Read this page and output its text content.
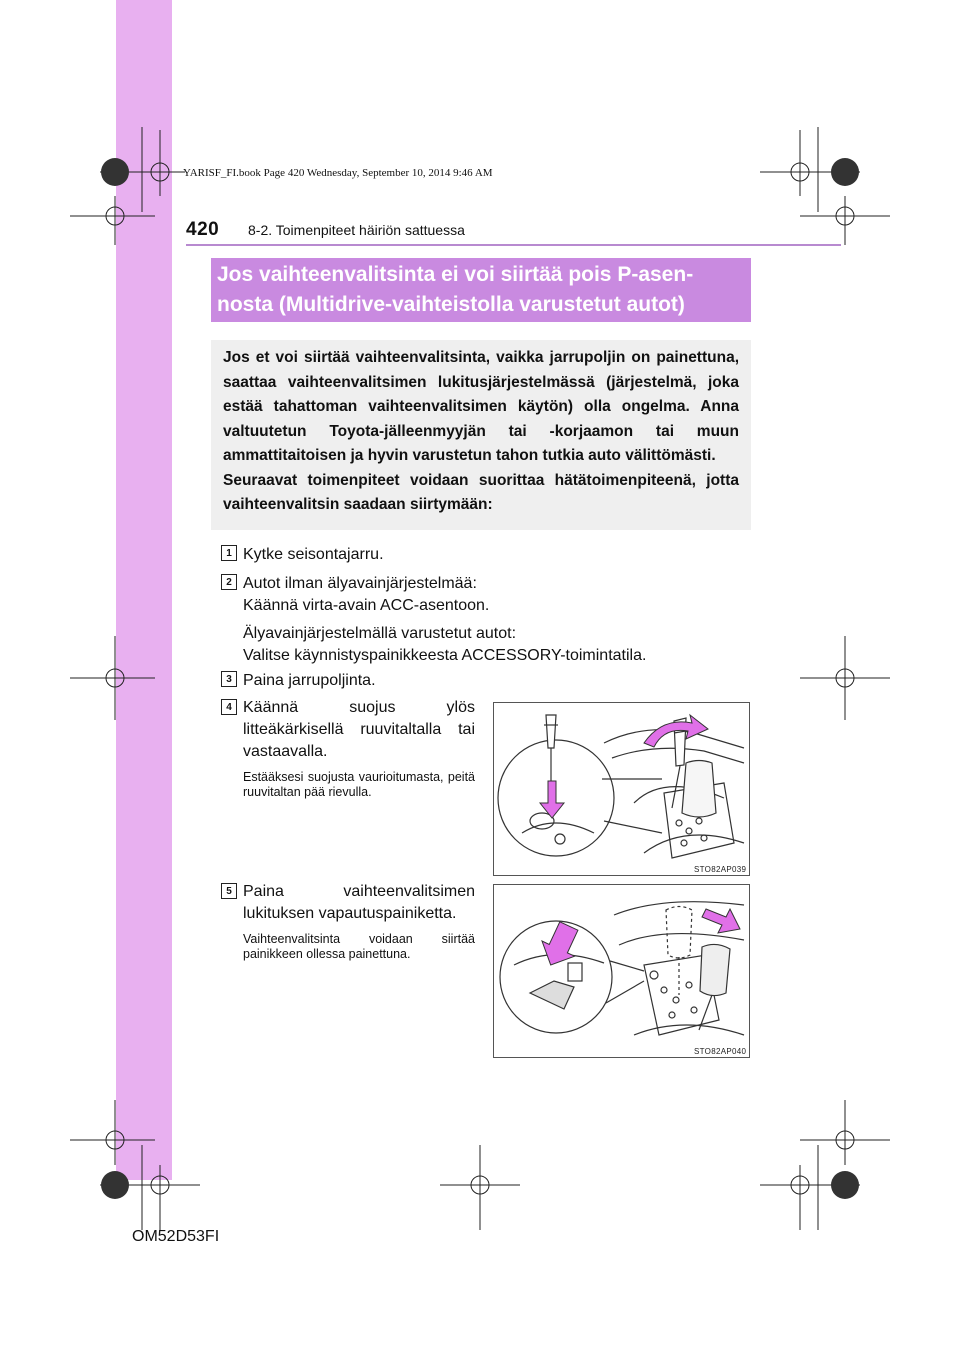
YARISF_FI.book Page 420 Wednesday, September 10, 2014 9:46 AM
420 8-2. Toimenpiteet häiriön sattuessa
Jos vaihteenvalitsinta ei voi siirtää pois P-asen-
nosta (Multidrive-vaihteistolla varustetut autot)

Jos et voi siirtää vaihteenvalitsinta, vaikka jarrupoljin on painettuna, saattaa vaihteenvalitsimen lukitusjärjestelmässä (järjestelmä, joka estää tahattoman vaihteenvalitsimen käytön) olla ongelma. Anna valtuutetun Toyota-jälleenmyyjän tai -korjaamon tai muun ammattitaitoisen ja hyvin varustetun tahon tutkia auto välittömästi.

Seuraavat toimenpiteet voidaan suorittaa hätätoimenpiteenä, jotta vaihteenvalitsin saadaan siirtymään:

1 Kytke seisontajarru.
2 Autot ilman älyavainjärjestelmää:
Käännä virta-avain ACC-asentoon.
Älyavainjärjestelmällä varustetut autot:
Valitse käynnistyspainikkeesta ACCESSORY-toimintatila.
3 Paina jarrupoljinta.
4 Käännä suojus ylös litteäkärkisellä ruuvitaltalla tai vastaavalla.
Estääksesi suojusta vaurioitumasta, peitä ruuvitaltan pää rievulla.
STO82AP039
5 Paina vaihteenvalitsimen lukituksen vapautuspainiketta.
Vaihteenvalitsinta voidaan siirtää painikkeen ollessa painettuna.
STO82AP040
OM52D53FI
